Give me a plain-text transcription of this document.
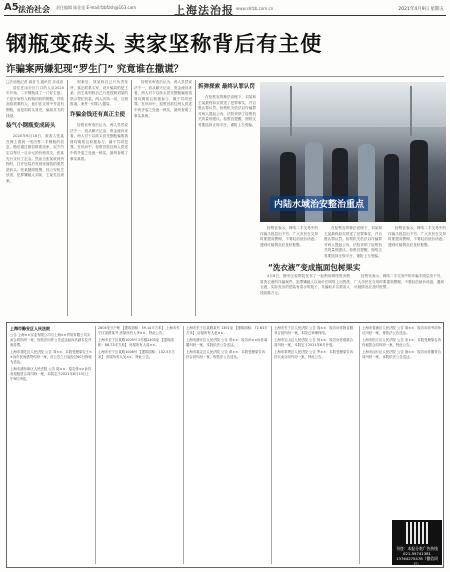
A5 法治社会 责任编辑 陈佳佳 E-mail:fzbfzsh@163.com	上海法治报 www.shfzb.com.cn	2021年4月9日 星期五
钢瓶变砖头 卖家坚称背后有主使
诈骗案两嫌犯现“罗生门” 究竟谁在撒谎？
□法治报记者 翁音飞 通讯员 乐成成

居住在闵行区门口的人从2020年开始，二手钢瓶成了一门好生意。于是开始有人收购回收的钢瓶，并转卖给需要的人。他们在交易中并没有钢瓶，而是用砖头冒充，骗取对方的钱财。

装气小钢瓶变成砖头

2020年6月18日，被害人张某在网上看到一则出售二手钢瓶的信息，随后通过微信联系卖家，双方约定以每只一百余元的价格成交，张某先行支付了定金。然而当张某收到货物时，打开包装后发现里面装的竟然是砖头。张某随即报警。经公安机关侦查，犯罪嫌疑人刘某、王某先后到案。

到案后，刘某称自己只负责发货，真正联系买家、设计骗局的是王某；而王某则称自己只是按照刘某的指示帮忙收款。两人各执一词，互相推诿，案件一时陷入僵局。

诈骗金钱还有真正主使

检察官审查后认为，两人虽然说法不一，但从聊天记录、资金流向来看，两人对于以砖头冒充钢瓶骗取钱财均明知且积极参与，属于共同犯罪。在讯问中，检察官抓住两人供述中的矛盾之处逐一核实，最终查明了事实真相。

检察官审查后认为，两人虽然说法不一，但从聊天记录、资金流向来看，两人对于以砖头冒充钢瓶骗取钱财均明知且积极参与，属于共同犯罪。在讯问中，检察官抓住两人供述中的矛盾之处逐一核实，最终查明了事实真相。

拆弹探索 最终认罪认罚

在检察官的释法说理下，刘某和王某最终如实供述了犯罪事实，并自愿认罪认罚。检察机关依法以诈骗罪对两人提起公诉，法院采纳了检察机关的量刑建议。检察官提醒，网络交易要选择正规平台，谨防上当受骗。

内陆水域治安整治重点

检察官表示，网络二手交易中的诈骗手段层出不穷，广大市民在交易时要提高警惕，不要轻信低价诱惑，遇到可疑情况应及时报警。

在检察官的释法说理下，刘某和王某最终如实供述了犯罪事实，并自愿认罪认罚。检察机关依法以诈骗罪对两人提起公诉，法院采纳了检察机关的量刑建议。检察官提醒，网络交易要选择正规平台，谨防上当受骗。

检察官表示，网络二手交易中的诈骗手段层出不穷，广大市民在交易时要提高警惕，不要轻信低价诱惑，遇到可疑情况应及时报警。

“洗衣液”变成瓶面包树果实

4月8日，静安区检察院发布了一起利用网络售卖假冒洗衣液的诈骗案件。犯罪嫌疑人以低价在网络上出售洗衣液，实际发出的是装有清水的瓶子，共骗取多名被害人钱款数万元。

检察官表示，网络二手交易中的诈骗手段层出不穷，广大市民在交易时要提高警惕，不要轻信低价诱惑，遇到可疑情况应及时报警。

上海市静安区人民法院
公告 上海××实业有限公司与上海××贸易有限公司买卖合同纠纷一案，现依法向你公告送达起诉状副本及开庭传票。
上海市普陀区人民法院 公告 刘××：本院受理原告王××诉你民间借贷纠纷一案，自公告之日起经过60日即视为送达。
上海市浦东新区人民法院 公告 陈××：原告张××诉你房屋租赁合同纠纷一案，本院定于2021年6月10日上午9时开庭。
2804室分户账 【建筑面积：59.14平方米】 上海市长宁区某路某号 房屋所有人李××，特此公告。
上海市长宁区某路1005号 2号楼2405室 【建筑面积：88.73平方米】 房屋所有人周××。
上海市长宁区某路1006号 【建筑面积：102.5平方米】 房屋所有人吴××，特此公告。
上海市长宁区某路某号 1301室 【建筑面积：72.63平方米】 房屋所有人赵××。
上海市静安区人民法院 公告 郑××：原告孙××诉你离婚纠纷一案，本院依法公告送达。
上海市嘉定区人民法院 公告 黄××：本院受理原告诉你合同纠纷一案，现依法公告送达。
上海市长宁区人民法院 公告 钱××：原告诉你物业服务合同纠纷一案，本院已审理终结。
上海市宝山区人民法院 公告 何××：原告诉你借款合同纠纷一案，本院定于2021年6月开庭。
上海市奉贤区人民法院 公告 罗××：本院受理原告诉你买卖合同纠纷一案，特此公告。
上海市青浦区人民法院 公告 梁××：原告诉你劳动争议纠纷一案，现依法公告送达。
上海市松江区人民法院 公告 宋××：本院受理原告诉你租赁合同纠纷一案，特此公告。
上海市闵行区人民法院 公告 唐××：原告诉你服务合同纠纷一案，本院依法公告送达。
刊登：本报分类广告热线 021-59741381 13764275478（微信同号）
